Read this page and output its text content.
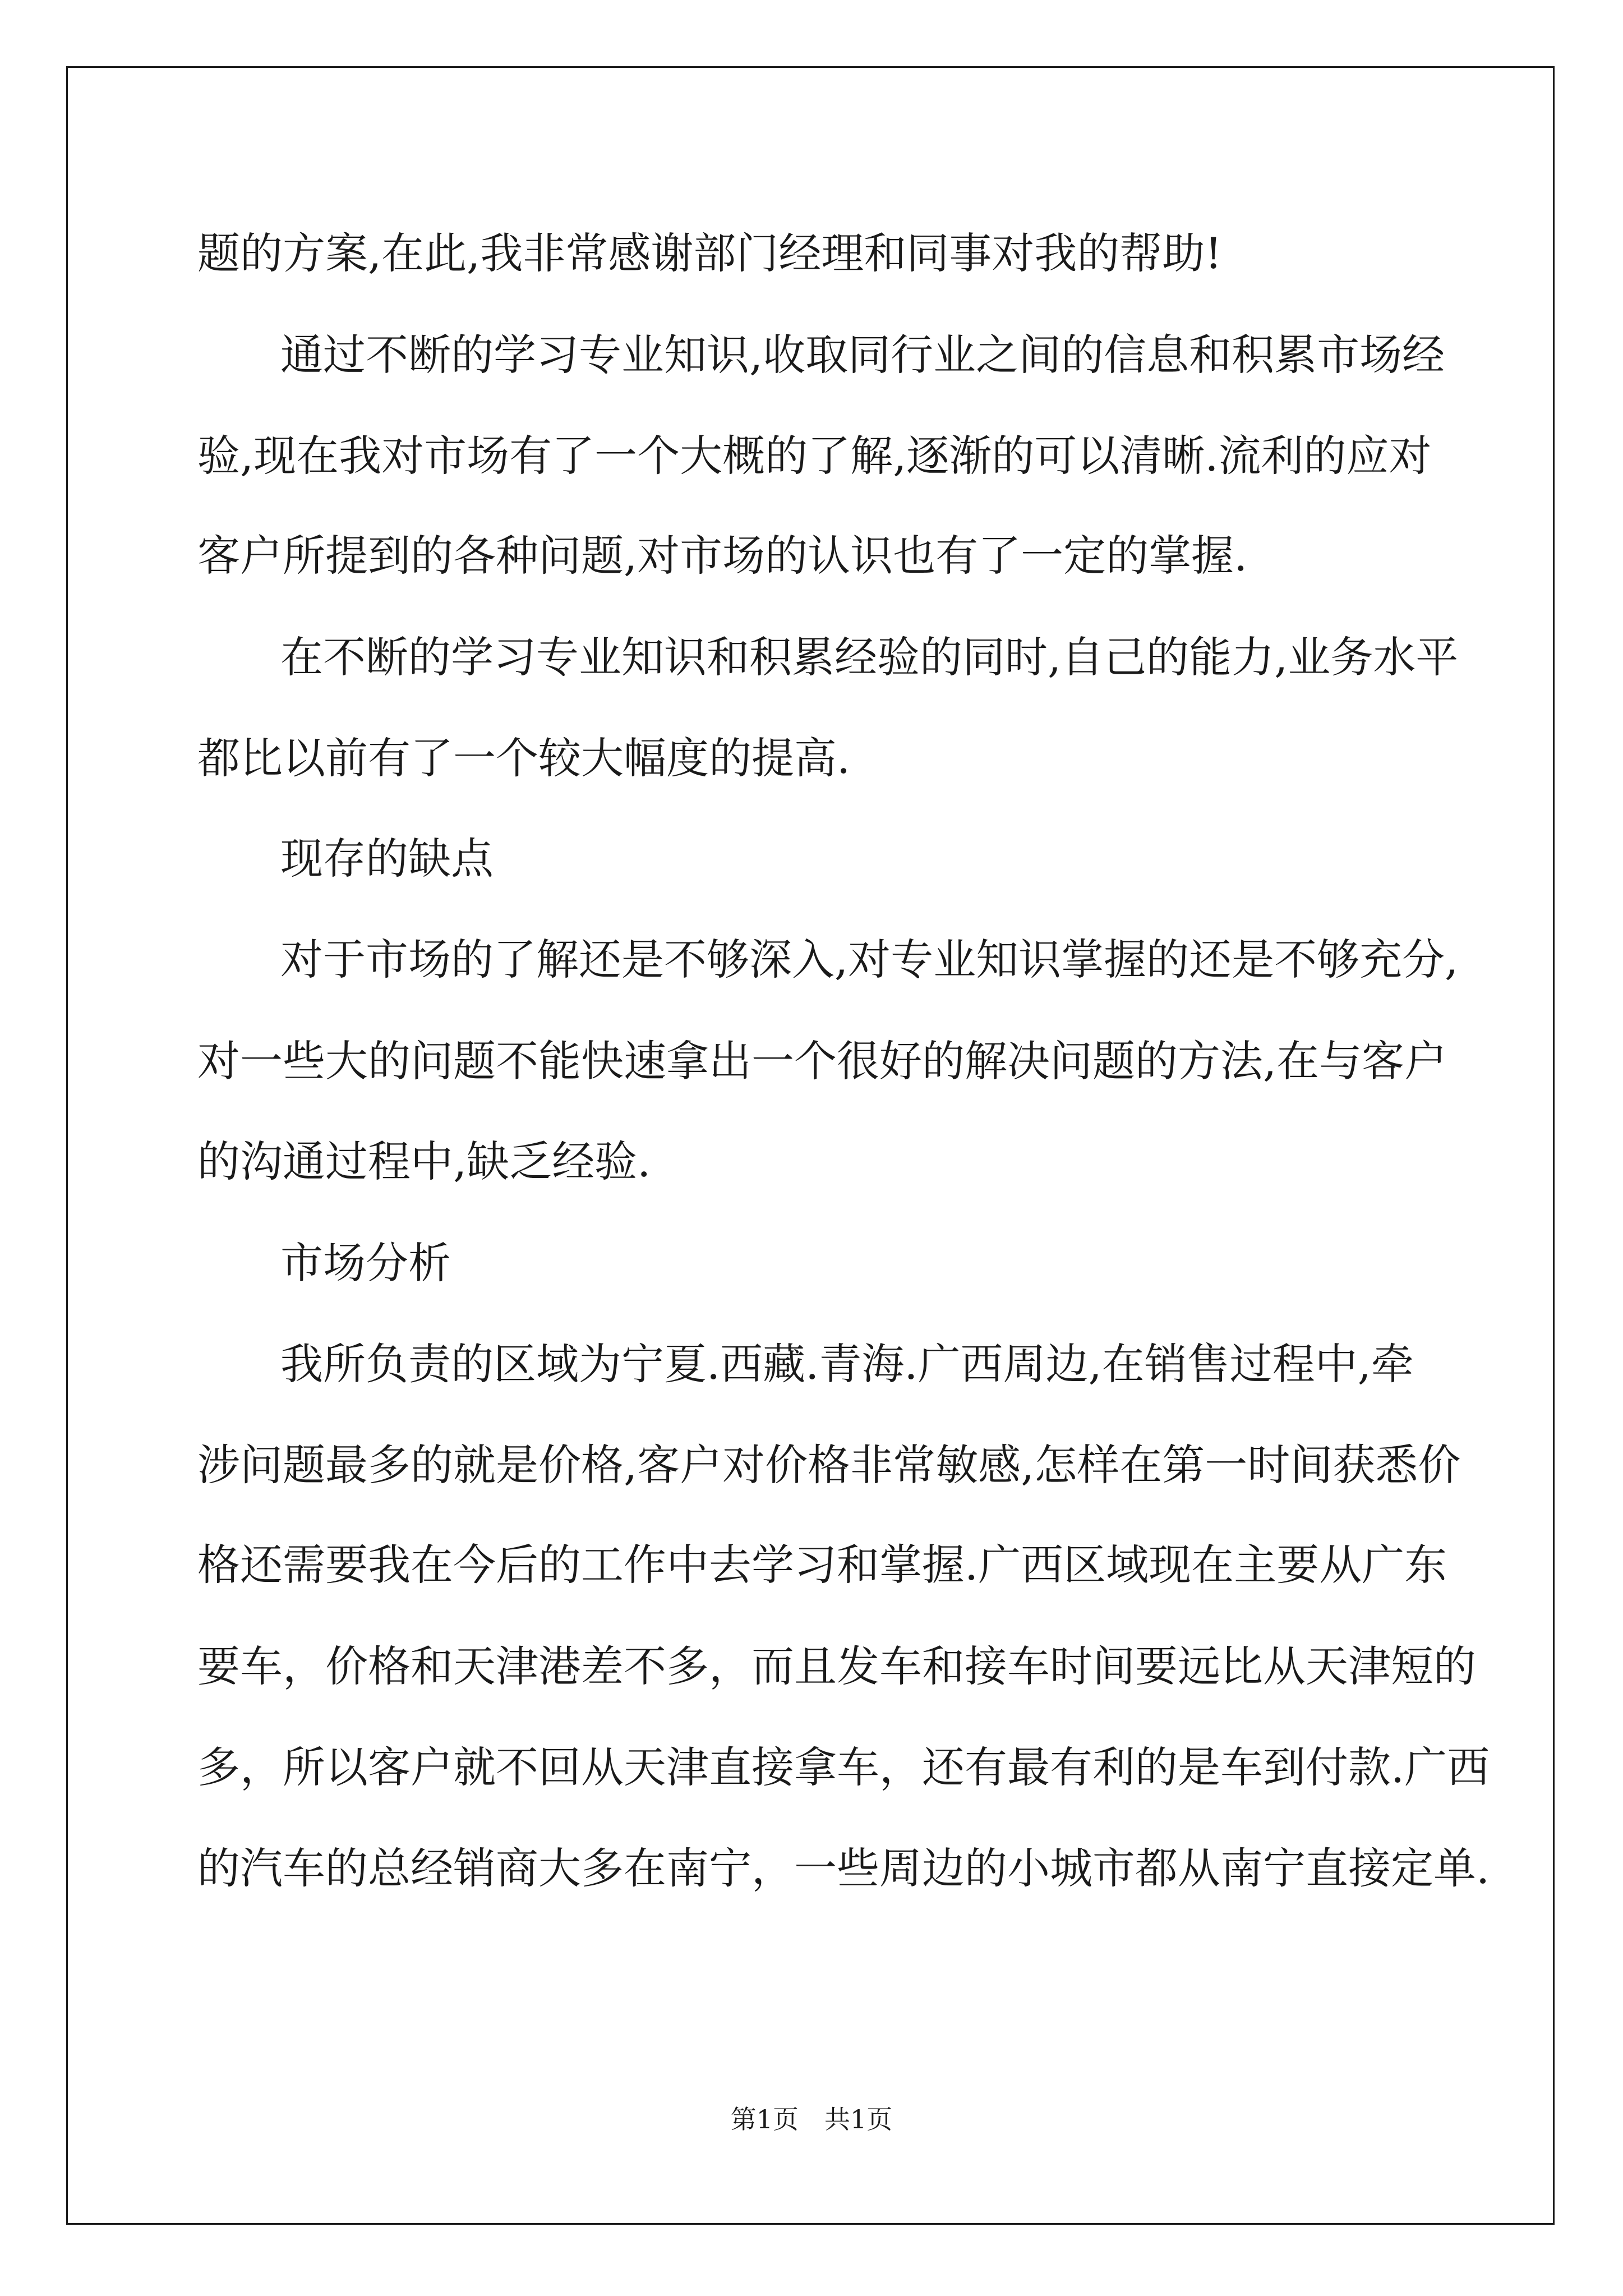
题的方案,在此,我非常感谢部门经理和同事对我的帮助!
通过不断的学习专业知识,收取同行业之间的信息和积累市场经
验,现在我对市场有了一个大概的了解,逐渐的可以清晰.流利的应对
客户所提到的各种问题,对市场的认识也有了一定的掌握.
在不断的学习专业知识和积累经验的同时,自己的能力,业务水平
都比以前有了一个较大幅度的提高.
现存的缺点
对于市场的了解还是不够深入,对专业知识掌握的还是不够充分,
对一些大的问题不能快速拿出一个很好的解决问题的方法,在与客户
的沟通过程中,缺乏经验.
市场分析
我所负责的区域为宁夏.西藏.青海.广西周边,在销售过程中,牵
涉问题最多的就是价格,客户对价格非常敏感,怎样在第一时间获悉价
格还需要我在今后的工作中去学习和掌握.广西区域现在主要从广东
要车，价格和天津港差不多，而且发车和接车时间要远比从天津短的
多，所以客户就不回从天津直接拿车，还有最有利的是车到付款.广西
的汽车的总经销商大多在南宁，一些周边的小城市都从南宁直接定单.
第1页　共1页
